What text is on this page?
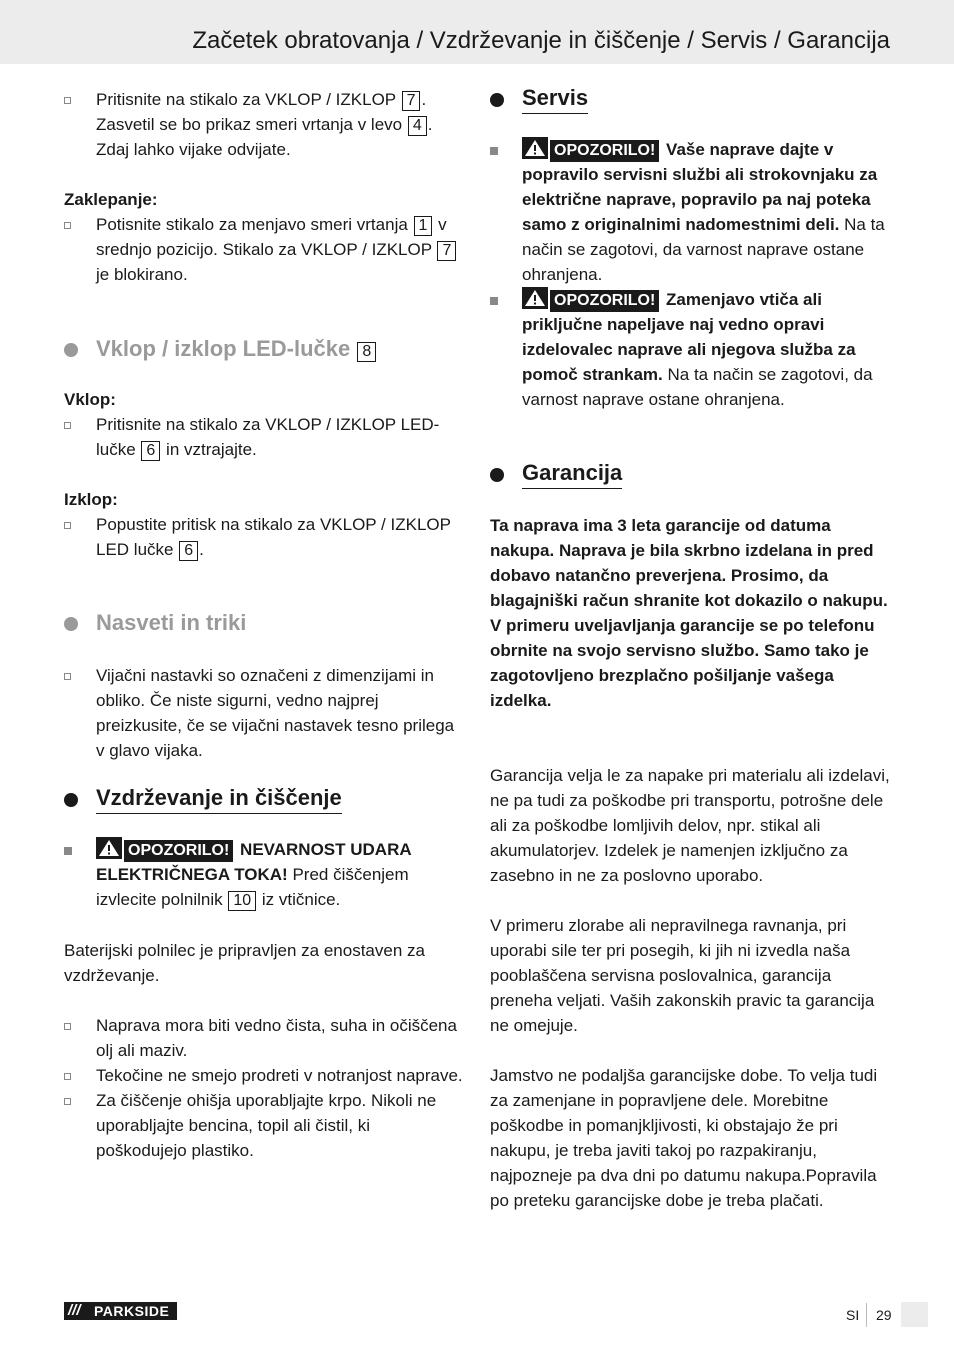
Začetek obratovanja / Vzdrževanje in čiščenje / Servis / Garancija
Pritisnite na stikalo za VKLOP / IZKLOP 7 . Zasvetil se bo prikaz smeri vrtanja v levo 4 . Zdaj lahko vijake odvijate.
Zaklepanje:
Potisnite stikalo za menjavo smeri vrtanja 1 v srednjo pozicijo. Stikalo za VKLOP / IZKLOP 7 je blokirano.
Vklop / izklop LED-lučke 8
Vklop:
Pritisnite na stikalo za VKLOP / IZKLOP LED-lučke 6 in vztrajajte.
Izklop:
Popustite pritisk na stikalo za VKLOP / IZKLOP LED lučke 6 .
Nasveti in triki
Vijačni nastavki so označeni z dimenzijami in obliko. Če niste sigurni, vedno najprej preizkusite, če se vijačni nastavek tesno prilega v glavo vijaka.
Vzdrževanje in čiščenje
OPOZORILO! NEVARNOST UDARA ELEKTRIČNEGA TOKA! Pred čiščenjem izvlecite polnilnik 10 iz vtičnice.
Baterijski polnilec je pripravljen za enostaven za vzdrževanje.
Naprava mora biti vedno čista, suha in očiščena olj ali maziv.
Tekočine ne smejo prodreti v notranjost naprave.
Za čiščenje ohišja uporabljajte krpo. Nikoli ne uporabljajte bencina, topil ali čistil, ki poškodujejo plastiko.
Servis
OPOZORILO! Vaše naprave dajte v popravilo servisni službi ali strokovnjaku za električne naprave, popravilo pa naj poteka samo z originalnimi nadomestnimi deli. Na ta način se zagotovi, da varnost naprave ostane ohranjena.
OPOZORILO! Zamenjavo vtiča ali priključne napeljave naj vedno opravi izdelovalec naprave ali njegova služba za pomoč strankam. Na ta način se zagotovi, da varnost naprave ostane ohranjena.
Garancija
Ta naprava ima 3 leta garancije od datuma nakupa. Naprava je bila skrbno izdelana in pred dobavo natančno preverjena. Prosimo, da blagajniški račun shranite kot dokazilo o nakupu. V primeru uveljavljanja garancije se po telefonu obrnite na svojo servisno službo. Samo tako je zagotovljeno brezplačno pošiljanje vašega izdelka.
Garancija velja le za napake pri materialu ali izdelavi, ne pa tudi za poškodbe pri transportu, potrošne dele ali za poškodbe lomljivih delov, npr. stikal ali akumulatorjev. Izdelek je namenjen izključno za zasebno in ne za poslovno uporabo.
V primeru zlorabe ali nepravilnega ravnanja, pri uporabi sile ter pri posegih, ki jih ni izvedla naša pooblaščena servisna poslovalnica, garancija preneha veljati. Vaših zakonskih pravic ta garancija ne omejuje.
Jamstvo ne podaljša garancijske dobe. To velja tudi za zamenjane in popravljene dele. Morebitne poškodbe in pomanjkljivosti, ki obstajajo že pri nakupu, je treba javiti takoj po razpakiranju, najpozneje pa dva dni po datumu nakupa.Popravila po preteku garancijske dobe je treba plačati.
/// PARKSIDE	SI 29
